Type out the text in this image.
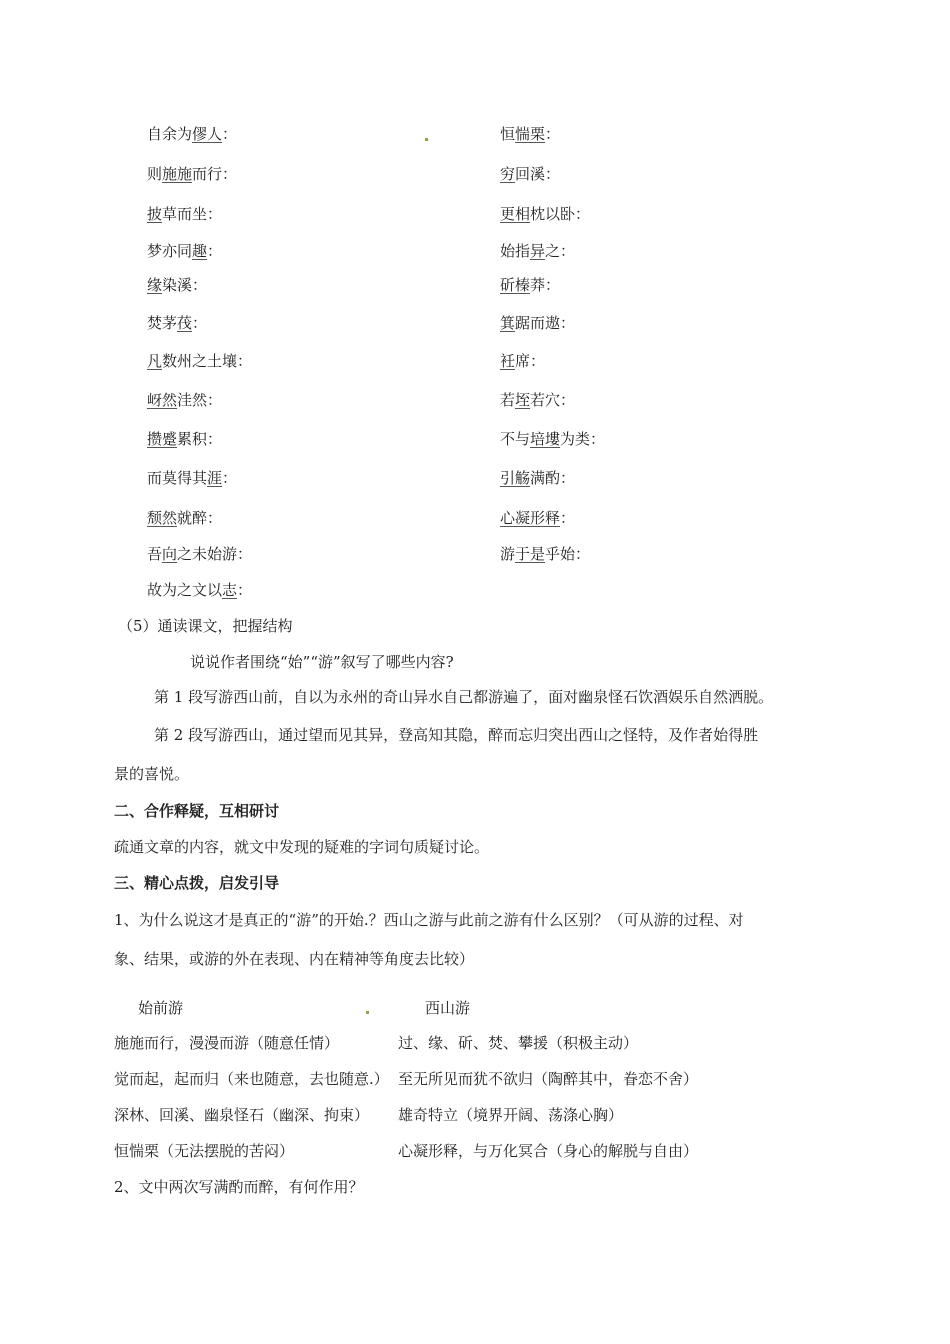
自余为僇人：	恒惴栗：
则施施而行：	穷回溪：
披草而坐：	更相枕以卧：
梦亦同趣：	始指异之：
缘染溪：	斫榛莽：
焚茅茷：	箕踞而遨：
凡数州之土壤：	衽席：
岈然洼然：	若垤若穴：
攒蹙累积：	不与培塿为类：
而莫得其涯：	引觞满酌：
颓然就醉：	心凝形释：
吾向之未始游：	游于是乎始：
故为之文以志：
（5）通读课文，把握结构
说说作者围绕“始”“游”叙写了哪些内容?
第 1 段写游西山前，自以为永州的奇山异水自己都游遍了，面对幽泉怪石饮酒娱乐自然洒脱。
第 2 段写游西山，通过望而见其异，登高知其隐，醉而忘归突出西山之怪特，及作者始得胜
景的喜悦。
二、合作释疑，互相研讨
疏通文章的内容，就文中发现的疑难的字词句质疑讨论。
三、精心点拨，启发引导
1、为什么说这才是真正的“游”的开始.？西山之游与此前之游有什么区别？（可从游的过程、对
象、结果，或游的外在表现、内在精神等角度去比较）
始前游	西山游
施施而行，漫漫而游（随意任情）	过、缘、斫、焚、攀援（积极主动）
觉而起，起而归（来也随意，去也随意.） 至无所见而犹不欲归（陶醉其中，眷恋不舍）
深林、回溪、幽泉怪石（幽深、拘束） 雄奇特立（境界开阔、荡涤心胸）
恒惴栗（无法摆脱的苦闷）	心凝形释，与万化冥合（身心的解脱与自由）
2、文中两次写满酌而醉，有何作用？
